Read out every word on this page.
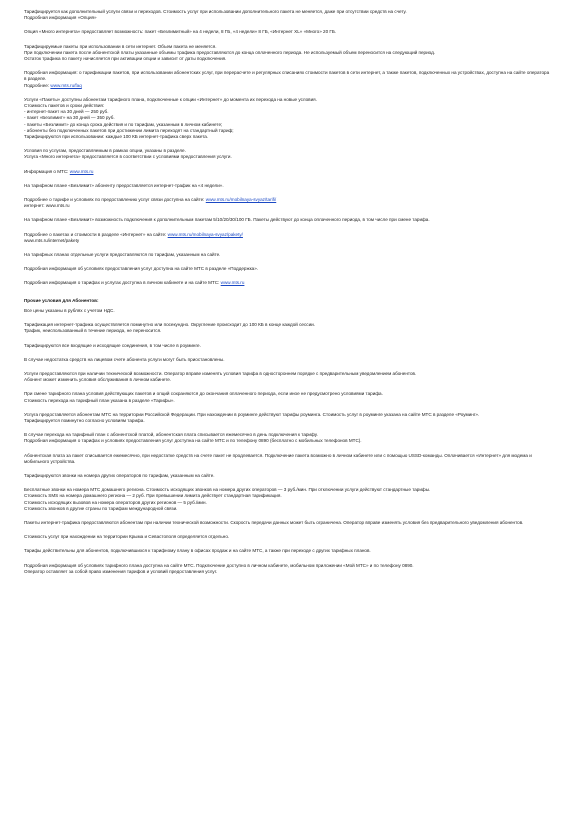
Тарифицируется как дополнительный услуги связи и переходов. Стоимость услуг при использовании дополнительного пакета не меняется, даже при отсутствии средств на счету.

Подробная информация «Опция»

Опция «Много интернета» предоставляет возможность: пакет «Безлимитный» на 4 недели, 8 ГБ, «4 недели» 8 ГБ, «Интернет XL» «Много» 20 ГБ.

Тарифицируемые пакеты при использовании в сети интернет. Объем пакета не меняется.

При подключении пакета после абонентской платы указанные объемы трафика предоставляются до конца оплаченного периода. Не используемый объем переносится на следующий период.

Остаток трафика по пакету начисляется при активации опции и зависит от даты подключения.

Подробная информация: о тарификации пакетов, при использовании абонентских услуг, при перерасчете и регулярных списаниях стоимости пакетов в сети интернет, а также пакетов, подключенных на устройствах, доступна на сайте оператора в разделе.

Подробнее: www.mts.ru/faq

Услуги «Пакеты» доступны абонентам тарифного плана, подключенные к опции «Интернет» до момента их перехода на новые условия.

Стоимость пакетов и сроки действия:

- интернет-пакет на 30 дней — 250 руб.

- пакет «Безлимит» на 30 дней — 350 руб.

- пакеты «Безлимит» до конца срока действия и по тарифам, указанным в личном кабинете;

- абоненты без подключенных пакетов при достижении лимита переходят на стандартный тариф;

Тарифицируются при использовании: каждые 100 КБ интернет-трафика сверх пакета.

Условия по услугам, предоставляемым в рамках опции, указаны в разделе.

Услуга «Много интернета» предоставляется в соответствии с условиями предоставления услуги.

Информация о МТС: www.mts.ru

На тарифном плане «Безлимит» абоненту предоставляется интернет-трафик на «4 недели».

Подробнее о тарифе и условиях по предоставлению услуг связи доступна на сайте: www.mts.ru/mobilnaya-svyaz/tarifi/

интернет: www.mts.ru

На тарифном плане «Безлимит» возможность подключения к дополнительным пакетам 5/10/20/30/100 ГБ. Пакеты действуют до конца оплаченного периода, в том числе при смене тарифа.

Подробнее о пакетах и стоимости в разделе «Интернет» на сайте: www.mts.ru/mobilnaya-svyaz/pakety/

www.mts.ru/internet/pakety

На тарифных планах отдельные услуги предоставляются по тарифам, указанным на сайте.

Подробная информация об условиях предоставления услуг доступна на сайте МТС в разделе «Поддержка».

Подробная информация о тарифах и услугах доступна в личном кабинете и на сайте МТС: www.mts.ru

Прочие условия для Абонентов:

Все цены указаны в рублях с учетом НДС.

Тарификация интернет-трафика осуществляется поминутно или посекундно. Округление происходит до 100 КБ в конце каждой сессии.

Трафик, неиспользованный в течение периода, не переносится.

Тарифицируются все входящие и исходящие соединения, в том числе в роуминге.

В случае недостатка средств на лицевом счете абонента услуги могут быть приостановлены.

Услуги предоставляются при наличии технической возможности. Оператор вправе изменять условия тарифа в одностороннем порядке с предварительным уведомлением абонентов.

Абонент может изменить условия обслуживания в личном кабинете.

При смене тарифного плана условия действующих пакетов и опций сохраняются до окончания оплаченного периода, если иное не предусмотрено условиями тарифа.

Стоимость перехода на тарифный план указана в разделе «Тарифы».

Услуга предоставляется абонентам МТС на территории Российской Федерации. При нахождении в роуминге действуют тарифы роуминга. Стоимость услуг в роуминге указана на сайте МТС в разделе «Роуминг».

Тарифицируется поминутно согласно условиям тарифа.

В случае перехода на тарифный план с абонентской платой, абонентская плата списывается ежемесячно в день подключения к тарифу.

Подробная информация о тарифах и условиях предоставления услуг доступна на сайте МТС и по телефону 0890 (бесплатно с мобильных телефонов МТС).

Абонентская плата за пакет списывается ежемесячно, при недостатке средств на счете пакет не продлевается. Подключение пакета возможно в личном кабинете или с помощью USSD-команды. Оплачивается «Интернет» для модема и мобильного устройства.

Тарифицируются звонки на номера других операторов по тарифам, указанным на сайте.

Бесплатные звонки на номера МТС домашнего региона. Стоимость исходящих звонков на номера других операторов — 3 руб./мин. При отключении услуги действуют стандартные тарифы.

Стоимость SMS на номера домашнего региона — 2 руб. При превышении лимита действует стандартная тарификация.

Стоимость исходящих вызовов на номера операторов других регионов — 5 руб./мин.

Стоимость звонков в другие страны по тарифам международной связи.

Пакеты интернет-трафика предоставляются абонентам при наличии технической возможности. Скорость передачи данных может быть ограничена. Оператор вправе изменять условия без предварительного уведомления абонентов.

Стоимость услуг при нахождении на территории Крыма и Севастополя определяется отдельно.

Тарифы действительны для абонентов, подключившихся к тарифному плану в офисах продаж и на сайте МТС, а также при переходе с других тарифных планов.

Подробная информация об условиях тарифного плана доступна на сайте МТС. Подключение доступно в личном кабинете, мобильном приложении «Мой МТС» и по телефону 0890.

Оператор оставляет за собой право изменения тарифов и условий предоставления услуг.
